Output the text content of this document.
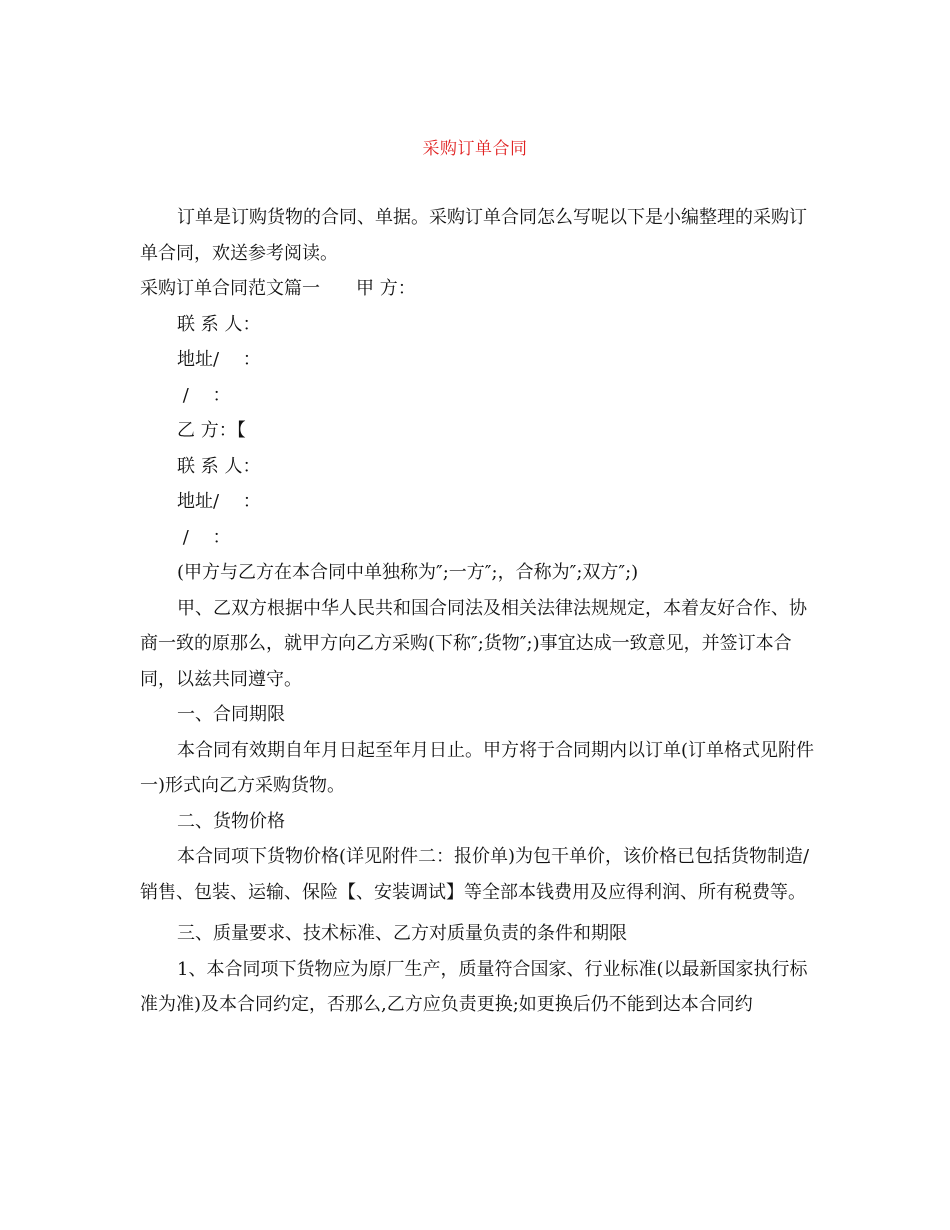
采购订单合同

订单是订购货物的合同、单据。采购订单合同怎么写呢以下是小编整理的采购订单合同，欢送参考阅读。

采购订单合同范文篇一　　甲 方：

联 系 人：

地址/　 ：

/　 ：

乙 方：【

联 系 人：

地址/　 ：

/　 ：

(甲方与乙方在本合同中单独称为″;一方″;，合称为″;双方″;)

甲、乙双方根据中华人民共和国合同法及相关法律法规规定，本着友好合作、协商一致的原那么，就甲方向乙方采购(下称″;货物″;)事宜达成一致意见，并签订本合同，以兹共同遵守。

一、合同期限

本合同有效期自年月日起至年月日止。甲方将于合同期内以订单(订单格式见附件一)形式向乙方采购货物。

二、货物价格

本合同项下货物价格(详见附件二：报价单)为包干单价，该价格已包括货物制造/销售、包装、运输、保险【、安装调试】等全部本钱费用及应得利润、所有税费等。

三、质量要求、技术标准、乙方对质量负责的条件和期限

1、本合同项下货物应为原厂生产，质量符合国家、行业标准(以最新国家执行标准为准)及本合同约定，否那么,乙方应负责更换;如更换后仍不能到达本合同约
